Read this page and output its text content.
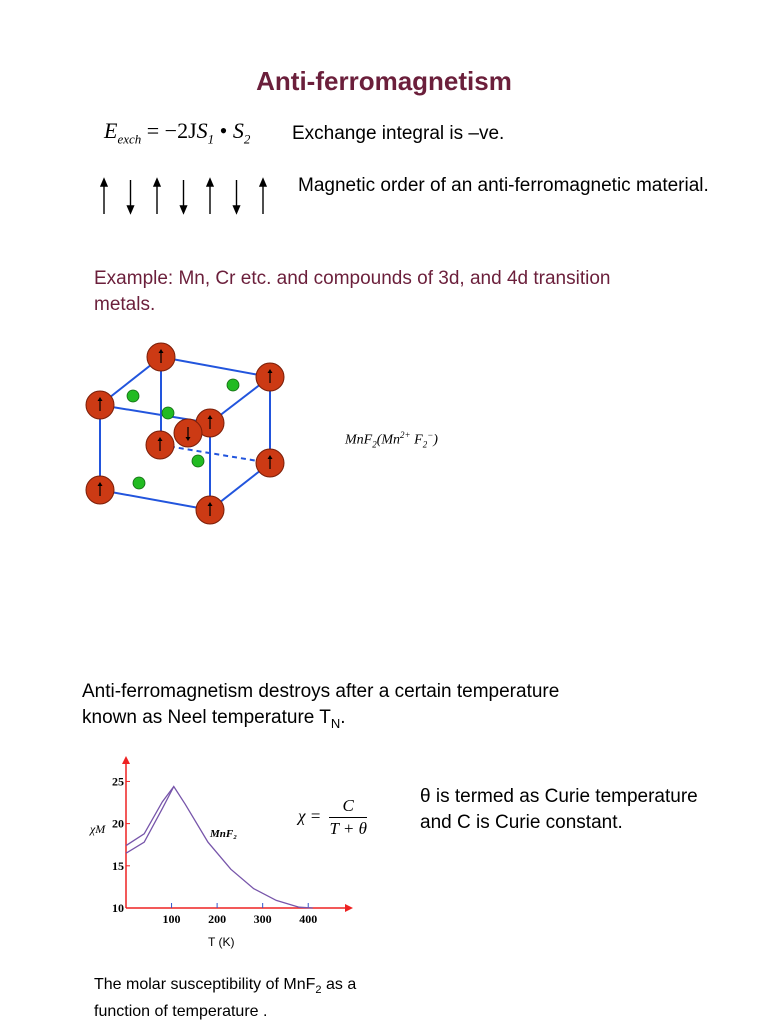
Anti-ferromagnetism
$E_{exch} = -2JS_1$ • $S_2$ Exchange integral is –ve.
Magnetic order of an anti-ferromagnetic material.
Example: Mn, Cr etc. and compounds of 3d, and 4d transition metals.
$MnF_2(Mn^{2+}$ $F_2^-$)
Anti-ferromagnetism destroys after a certain temperature
known as Neel temperature $T_N$.
100 200 300 400
10
15
20
25
χM	MnF₂
T (K)
$\chi = \frac{C}{T + \theta}$	θ is termed as Curie temperature and C is Curie constant.
The molar susceptibility of MnF$_2$ as a function of temperature .
